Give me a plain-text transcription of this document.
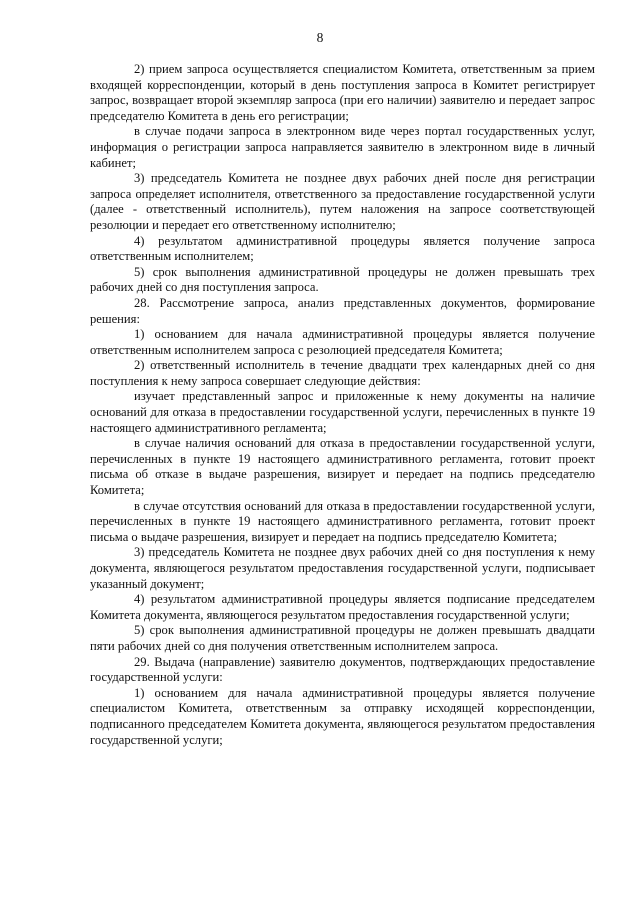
8

2) прием запроса осуществляется специалистом Комитета, ответственным за прием входящей корреспонденции, который в день поступления запроса в Комитет регистрирует запрос, возвращает второй экземпляр запроса (при его наличии) заявителю и передает запрос председателю Комитета в день его регистрации;

в случае подачи запроса в электронном виде через портал государственных услуг, информация о регистрации запроса направляется заявителю в электронном виде в личный кабинет;

3) председатель Комитета не позднее двух рабочих дней после дня регистрации запроса определяет исполнителя, ответственного за предоставление государственной услуги (далее - ответственный исполнитель), путем наложения на запросе соответствующей резолюции и передает его ответственному исполнителю;

4) результатом административной процедуры является получение запроса ответственным исполнителем;

5) срок выполнения административной процедуры не должен превышать трех рабочих дней со дня поступления запроса.

28. Рассмотрение запроса, анализ представленных документов, формирование решения:

1) основанием для начала административной процедуры является получение ответственным исполнителем запроса с резолюцией председателя Комитета;

2) ответственный исполнитель в течение двадцати трех календарных дней со дня поступления к нему запроса совершает следующие действия:

изучает представленный запрос и приложенные к нему документы на наличие оснований для отказа в предоставлении государственной услуги, перечисленных в пункте 19 настоящего административного регламента;

в случае наличия оснований для отказа в предоставлении государственной услуги, перечисленных в пункте 19 настоящего административного регламента, готовит проект письма об отказе в выдаче разрешения, визирует и передает на подпись председателю Комитета;

в случае отсутствия оснований для отказа в предоставлении государственной услуги, перечисленных в пункте 19 настоящего административного регламента, готовит проект письма о выдаче разрешения, визирует и передает на подпись председателю Комитета;

3) председатель Комитета не позднее двух рабочих дней со дня поступления к нему документа, являющегося результатом предоставления государственной услуги, подписывает указанный документ;

4) результатом административной процедуры является подписание председателем Комитета документа, являющегося результатом предоставления государственной услуги;

5) срок выполнения административной процедуры не должен превышать двадцати пяти рабочих дней со дня получения ответственным исполнителем запроса.

29. Выдача (направление) заявителю документов, подтверждающих предоставление государственной услуги:

1) основанием для начала административной процедуры является получение специалистом Комитета, ответственным за отправку исходящей корреспонденции, подписанного председателем Комитета документа, являющегося результатом предоставления государственной услуги;
